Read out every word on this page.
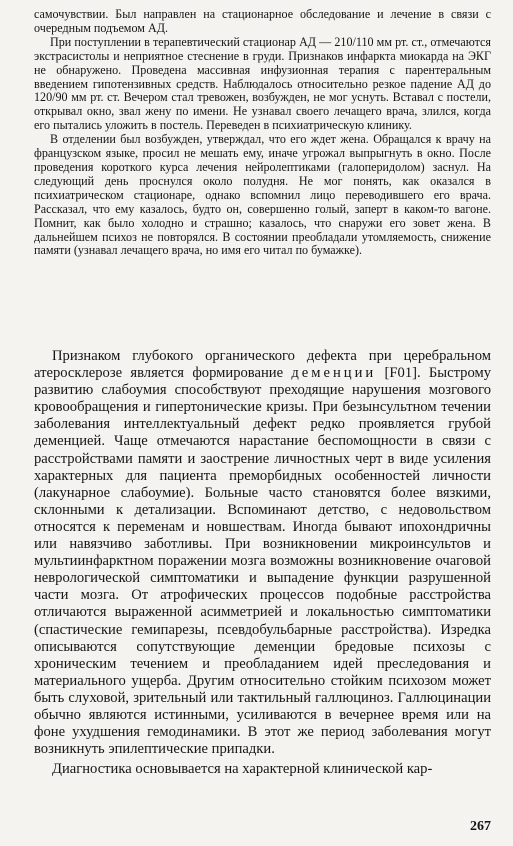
самочувствии. Был направлен на стационарное обследование и лечение в связи с очередным подъемом АД.

При поступлении в терапевтический стационар АД — 210/110 мм рт. ст., отмечаются экстрасистолы и неприятное стеснение в груди. Признаков инфаркта миокарда на ЭКГ не обнаружено. Проведена массивная инфузионная терапия с парентеральным введением гипотензивных средств. Наблюдалось относительно резкое падение АД до 120/90 мм рт. ст. Вечером стал тревожен, возбужден, не мог уснуть. Вставал с постели, открывал окно, звал жену по имени. Не узнавал своего лечащего врача, злился, когда его пытались уложить в постель. Переведен в психиатрическую клинику.

В отделении был возбужден, утверждал, что его ждет жена. Обращался к врачу на французском языке, просил не мешать ему, иначе угрожал выпрыгнуть в окно. После проведения короткого курса лечения нейролептиками (галоперидолом) заснул. На следующий день проснулся около полудня. Не мог понять, как оказался в психиатрическом стационаре, однако вспомнил лицо переводившего его врача. Рассказал, что ему казалось, будто он, совершенно голый, заперт в каком-то вагоне. Помнит, как было холодно и страшно; казалось, что снаружи его зовет жена. В дальнейшем психоз не повторялся. В состоянии преобладали утомляемость, снижение памяти (узнавал лечащего врача, но имя его читал по бумажке).

Признаком глубокого органического дефекта при церебральном атеросклерозе является формирование деменции [F01]. Быстрому развитию слабоумия способствуют преходящие нарушения мозгового кровообращения и гипертонические кризы. При безынсультном течении заболевания интеллектуальный дефект редко проявляется грубой деменцией. Чаще отмечаются нарастание беспомощности в связи с расстройствами памяти и заострение личностных черт в виде усиления характерных для пациента преморбидных особенностей личности (лакунарное слабоумие). Больные часто становятся более вязкими, склонными к детализации. Вспоминают детство, с недовольством относятся к переменам и новшествам. Иногда бывают ипохондричны или навязчиво заботливы. При возникновении микроинсультов и мультиинфарктном поражении мозга возможны возникновение очаговой неврологической симптоматики и выпадение функции разрушенной части мозга. От атрофических процессов подобные расстройства отличаются выраженной асимметрией и локальностью симптоматики (спастические гемипарезы, псевдобульбарные расстройства). Изредка описываются сопутствующие деменции бредовые психозы с хроническим течением и преобладанием идей преследования и материального ущерба. Другим относительно стойким психозом может быть слуховой, зрительный или тактильный галлюциноз. Галлюцинации обычно являются истинными, усиливаются в вечернее время или на фоне ухудшения гемодинамики. В этот же период заболевания могут возникнуть эпилептические припадки.

Диагностика основывается на характерной клинической кар-

267
